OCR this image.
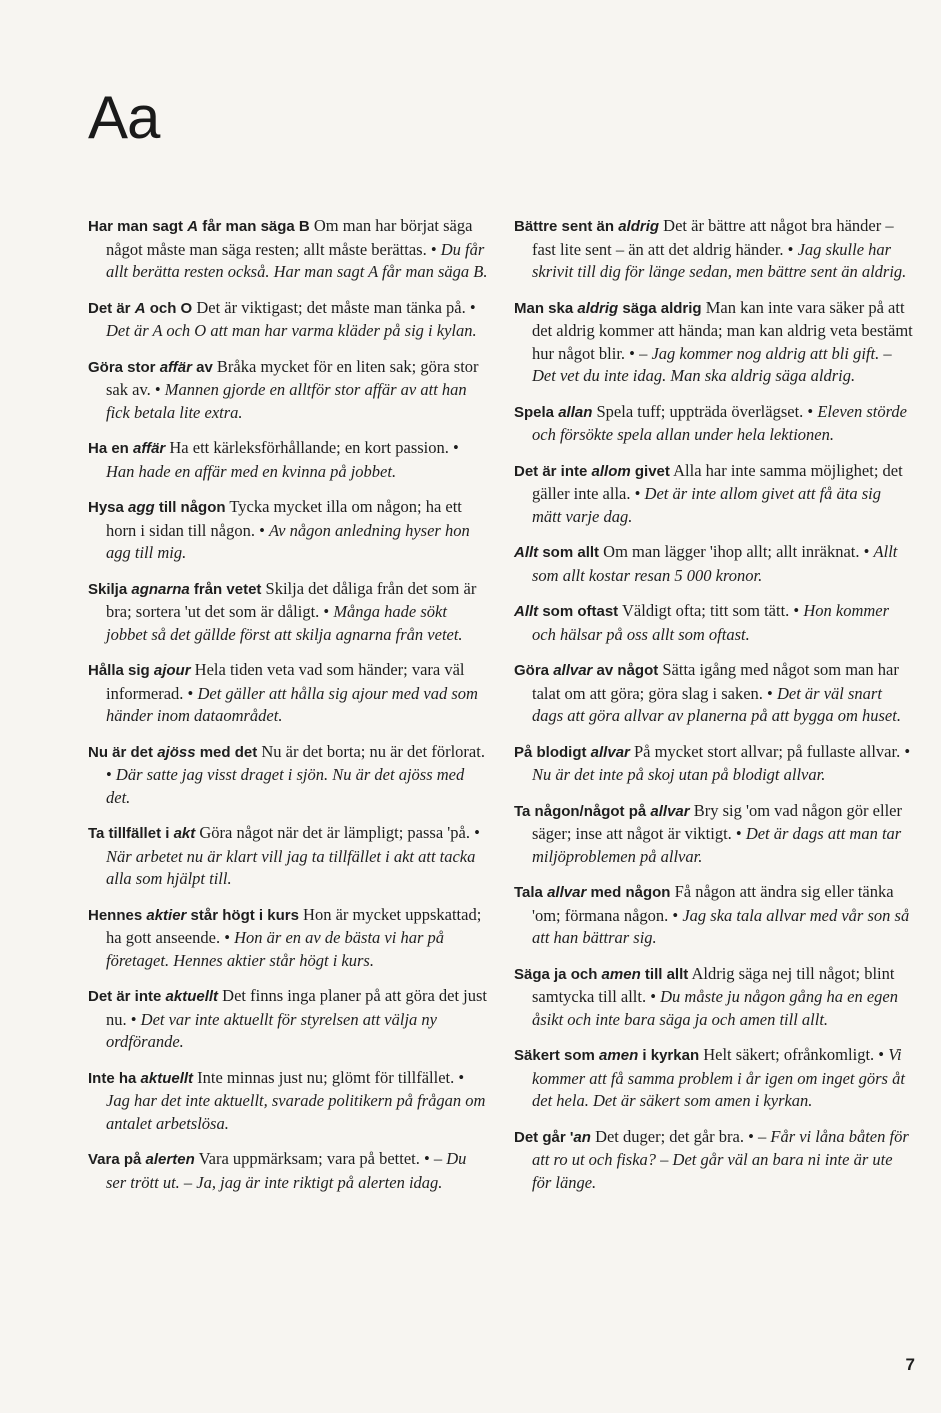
Aa
Har man sagt A får man säga B Om man har börjat säga något måste man säga resten; allt måste berättas. • Du får allt berätta resten också. Har man sagt A får man säga B.
Det är A och O Det är viktigast; det måste man tänka på. • Det är A och O att man har varma kläder på sig i kylan.
Göra stor affär av Bråka mycket för en liten sak; göra stor sak av. • Mannen gjorde en alltför stor affär av att han fick betala lite extra.
Ha en affär Ha ett kärleksförhållande; en kort passion. • Han hade en affär med en kvinna på jobbet.
Hysa agg till någon Tycka mycket illa om någon; ha ett horn i sidan till någon. • Av någon anledning hyser hon agg till mig.
Skilja agnarna från vetet Skilja det dåliga från det som är bra; sortera 'ut det som är dåligt. • Många hade sökt jobbet så det gällde först att skilja agnarna från vetet.
Hålla sig ajour Hela tiden veta vad som händer; vara väl informerad. • Det gäller att hålla sig ajour med vad som händer inom dataområdet.
Nu är det ajöss med det Nu är det borta; nu är det förlorat. • Där satte jag visst draget i sjön. Nu är det ajöss med det.
Ta tillfället i akt Göra något när det är lämpligt; passa 'på. • När arbetet nu är klart vill jag ta tillfället i akt att tacka alla som hjälpt till.
Hennes aktier står högt i kurs Hon är mycket uppskattad; ha gott anseende. • Hon är en av de bästa vi har på företaget. Hennes aktier står högt i kurs.
Det är inte aktuellt Det finns inga planer på att göra det just nu. • Det var inte aktuellt för styrelsen att välja ny ordförande.
Inte ha aktuellt Inte minnas just nu; glömt för tillfället. • Jag har det inte aktuellt, svarade politikern på frågan om antalet arbetslösa.
Vara på alerten Vara uppmärksam; vara på bettet. • – Du ser trött ut. – Ja, jag är inte riktigt på alerten idag.
Bättre sent än aldrig Det är bättre att något bra händer – fast lite sent – än att det aldrig händer. • Jag skulle har skrivit till dig för länge sedan, men bättre sent än aldrig.
Man ska aldrig säga aldrig Man kan inte vara säker på att det aldrig kommer att hända; man kan aldrig veta bestämt hur något blir. • – Jag kommer nog aldrig att bli gift. – Det vet du inte idag. Man ska aldrig säga aldrig.
Spela allan Spela tuff; uppträda överlägset. • Eleven störde och försökte spela allan under hela lektionen.
Det är inte allom givet Alla har inte samma möjlighet; det gäller inte alla. • Det är inte allom givet att få äta sig mätt varje dag.
Allt som allt Om man lägger 'ihop allt; allt inräknat. • Allt som allt kostar resan 5 000 kronor.
Allt som oftast Väldigt ofta; titt som tätt. • Hon kommer och hälsar på oss allt som oftast.
Göra allvar av något Sätta igång med något som man har talat om att göra; göra slag i saken. • Det är väl snart dags att göra allvar av planerna på att bygga om huset.
På blodigt allvar På mycket stort allvar; på fullaste allvar. • Nu är det inte på skoj utan på blodigt allvar.
Ta någon/något på allvar Bry sig 'om vad någon gör eller säger; inse att något är viktigt. • Det är dags att man tar miljöproblemen på allvar.
Tala allvar med någon Få någon att ändra sig eller tänka 'om; förmana någon. • Jag ska tala allvar med vår son så att han bättrar sig.
Säga ja och amen till allt Aldrig säga nej till något; blint samtycka till allt. • Du måste ju någon gång ha en egen åsikt och inte bara säga ja och amen till allt.
Säkert som amen i kyrkan Helt säkert; ofrånkomligt. • Vi kommer att få samma problem i år igen om inget görs åt det hela. Det är säkert som amen i kyrkan.
Det går 'an Det duger; det går bra. • – Får vi låna båten för att ro ut och fiska? – Det går väl an bara ni inte är ute för länge.
7
